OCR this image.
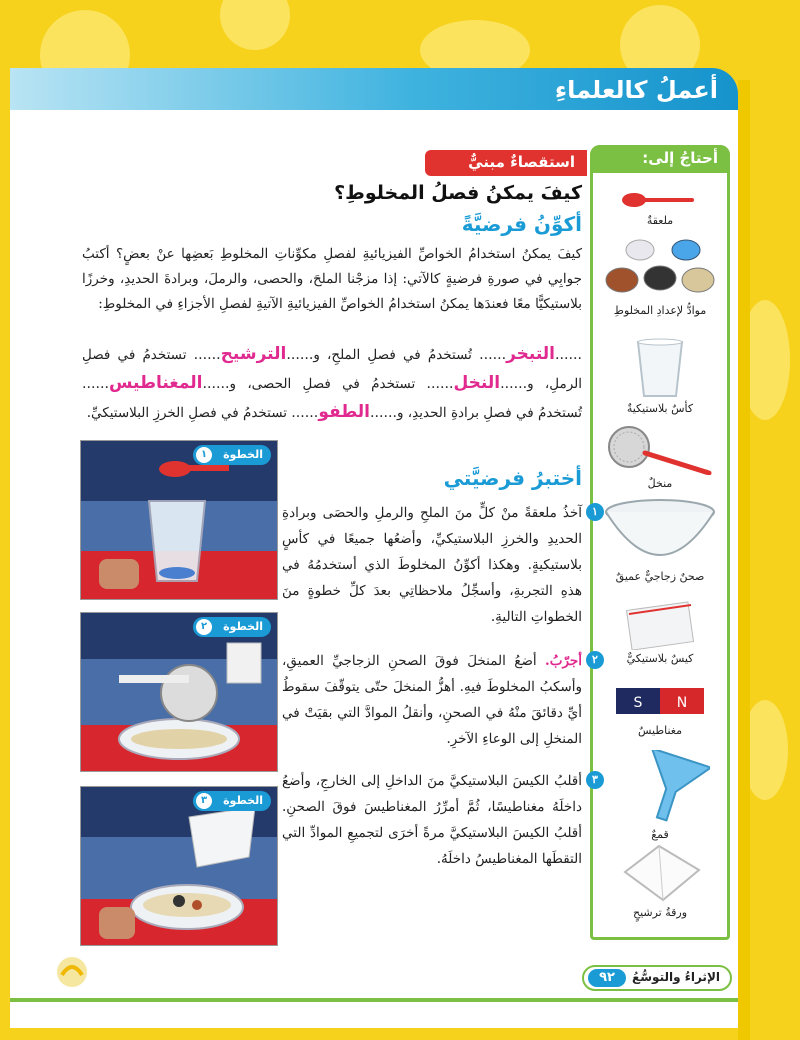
أعملُ كالعلماءِ
أحتاجُ إلى:
ملعقةٌ
موادُّ لإعدادِ المخلوطِ
كأسٌ بلاستيكيةٌ
منخلٌ
صحنٌ زجاجيٌّ عميقٌ
كيسٌ بلاستيكيٌّ
S N
مغناطيسٌ
قمعٌ
ورقةُ ترشيحٍ
استقصاءٌ مبنيٌّ
كيفَ يمكنُ فصلُ المخلوطِ؟
أكوِّنُ فرضيَّةً
كيفَ يمكنُ استخدامُ الخواصِّ الفيزيائيةِ لفصلِ مكوِّناتِ المخلوطِ بَعضِها عنْ بعضٍ؟ أكتبُ جوابِي في صورةِ فرضيةٍ كالآتي: إذا مزجْنا الملحَ، والحصى، والرملَ، وبرادةَ الحديدِ، وخرزًا بلاستيكيًّا معًا فعندَها يمكنُ استخدامُ الخواصِّ الفيزيائيةِ الآتيةِ لفصلِ الأجزاءِ في المخلوطِ:
……التبخر…… تُستخدمُ في فصلِ الملحِ، و……الترشيح…… تستخدمُ في فصلِ الرملِ، و……النخل…… تستخدمُ في فصلِ الحصى، و……المغناطيس…… تُستخدمُ في فصلِ برادةِ الحديدِ، و……الطفو…… تستخدمُ في فصلِ الخرزِ البلاستيكيِّ.
أختبرُ فرضيَّتي
١
آخذُ ملعقةً منْ كلٍّ منَ الملحِ والرملِ والحصَى وبرادةِ الحديدِ والخرزِ البلاستيكيِّ، وأضعُها جميعًا في كأسٍ بلاستيكيةٍ. وهكذا أكوِّنُ المخلوطَ الذي أستخدمُهُ في هذهِ التجربةِ، وأسجِّلُ ملاحظاتِي بعدَ كلِّ خطوةٍ منَ الخطواتِ التاليةِ.
٢
أجرّبُ. أضعُ المنخلَ فوقَ الصحنِ الزجاجيِّ العميقِ، وأسكبُ المخلوطَ فيهِ. أهزُّ المنخلَ حتّى يتوقّفَ سقوطُ أيِّ دقائقَ منْهُ في الصحنِ، وأنقلُ الموادَّ التي بقيَتْ في المنخلِ إلى الوعاءِ الآخرِ.
٣
أقلبُ الكيسَ البلاستيكيَّ منَ الداخلِ إلى الخارجِ، وأضعُ داخلَهُ مغناطيسًا، ثُمَّ أمرِّرُ المغناطيسَ فوقَ الصحنِ. أقلبُ الكيسَ البلاستيكيَّ مرةً أخرَى لتجميعِ الموادِّ التي التقطَها المغناطيسُ داخلَهُ.
الخطوة
١
الخطوة
٢
الخطوة
٣
الإثراءُ والتوسُّعُ
٩٢
